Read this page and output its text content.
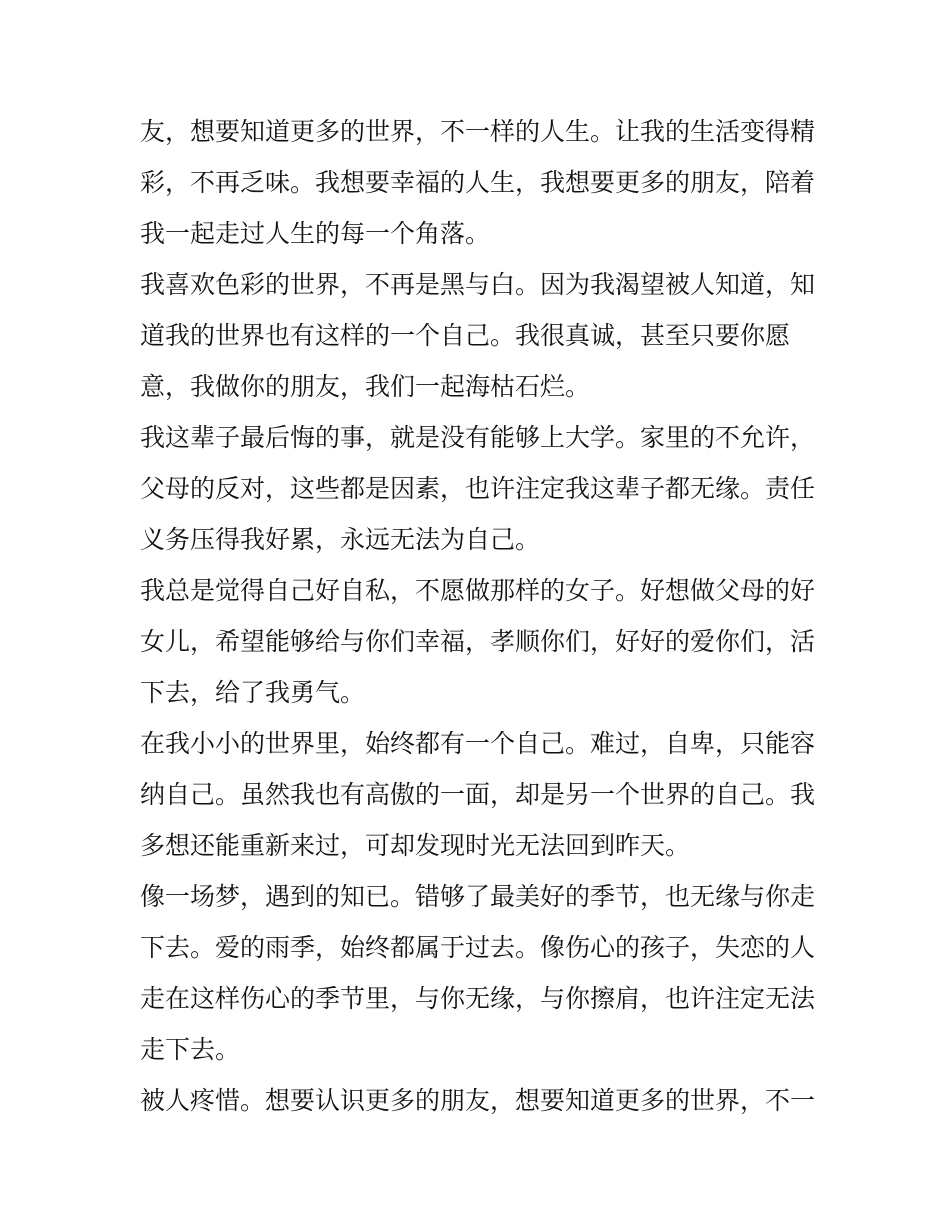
友，想要知道更多的世界，不一样的人生。让我的生活变得精
彩，不再乏味。我想要幸福的人生，我想要更多的朋友，陪着
我一起走过人生的每一个角落。

我喜欢色彩的世界，不再是黑与白。因为我渴望被人知道，知
道我的世界也有这样的一个自己。我很真诚，甚至只要你愿
意，我做你的朋友，我们一起海枯石烂。

我这辈子最后悔的事，就是没有能够上大学。家里的不允许，
父母的反对，这些都是因素，也许注定我这辈子都无缘。责任
义务压得我好累，永远无法为自己。

我总是觉得自己好自私，不愿做那样的女子。好想做父母的好
女儿，希望能够给与你们幸福，孝顺你们，好好的爱你们，活
下去，给了我勇气。

在我小小的世界里，始终都有一个自己。难过，自卑，只能容
纳自己。虽然我也有高傲的一面，却是另一个世界的自己。我
多想还能重新来过，可却发现时光无法回到昨天。

像一场梦，遇到的知已。错够了最美好的季节，也无缘与你走
下去。爱的雨季，始终都属于过去。像伤心的孩子，失恋的人
走在这样伤心的季节里，与你无缘，与你擦肩，也许注定无法
走下去。

被人疼惜。想要认识更多的朋友，想要知道更多的世界，不一
